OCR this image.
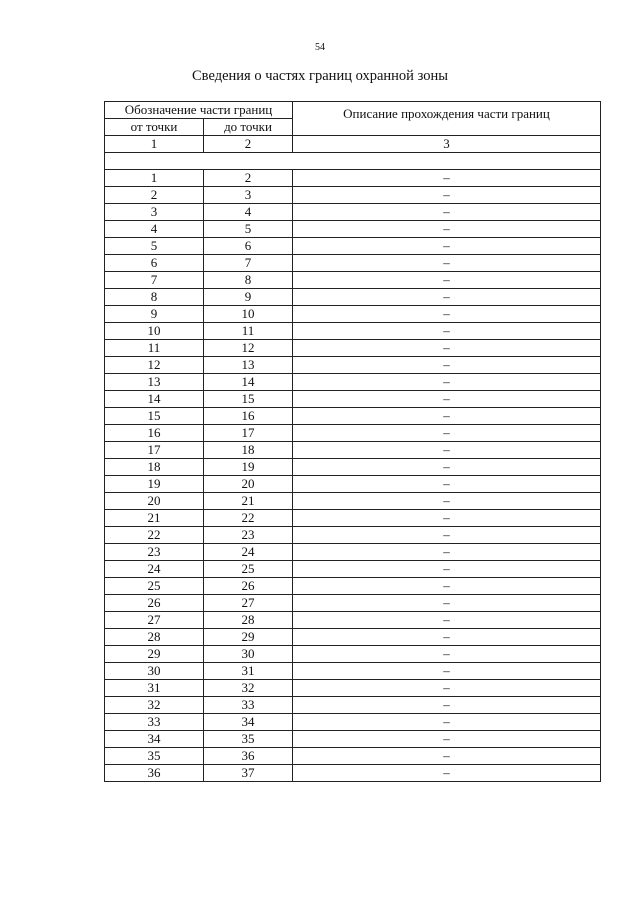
54
Сведения о частях границ охранной зоны
Обозначение части границ		Описание прохождения части границ
от точки	до точки	
1	2	3

1	2	–
2	3	–
3	4	–
4	5	–
5	6	–
6	7	–
7	8	–
8	9	–
9	10	–
10	11	–
11	12	–
12	13	–
13	14	–
14	15	–
15	16	–
16	17	–
17	18	–
18	19	–
19	20	–
20	21	–
21	22	–
22	23	–
23	24	–
24	25	–
25	26	–
26	27	–
27	28	–
28	29	–
29	30	–
30	31	–
31	32	–
32	33	–
33	34	–
34	35	–
35	36	–
36	37	–
